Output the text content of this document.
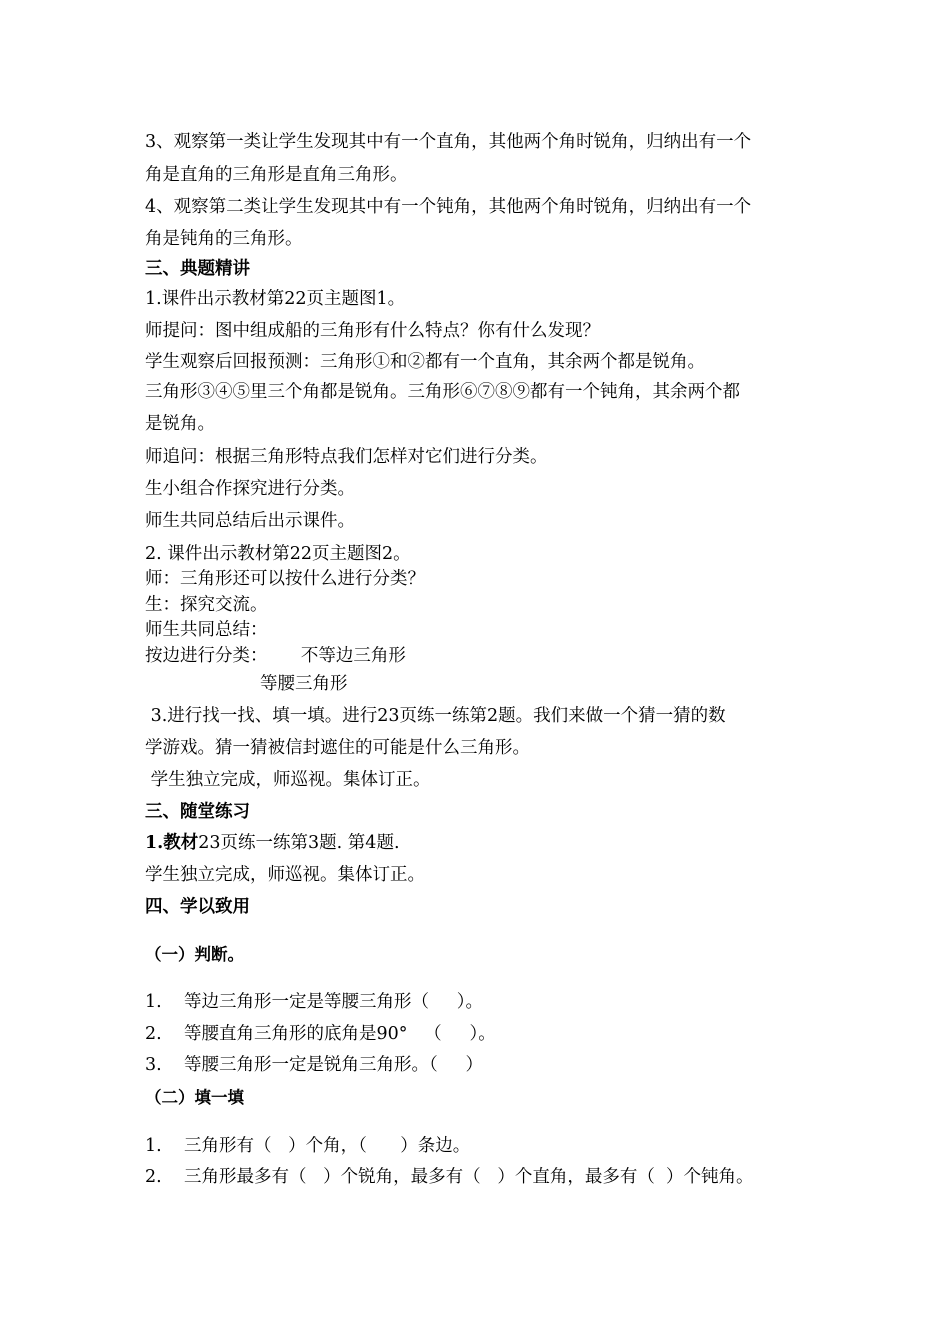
3、观察第一类让学生发现其中有一个直角，其他两个角时锐角，归纳出有一个
角是直角的三角形是直角三角形。
4、观察第二类让学生发现其中有一个钝角，其他两个角时锐角，归纳出有一个
角是钝角的三角形。
三、典题精讲
1.课件出示教材第22页主题图1。
师提问：图中组成船的三角形有什么特点？你有什么发现？
学生观察后回报预测：三角形①和②都有一个直角，其余两个都是锐角。
三角形③④⑤里三个角都是锐角。三角形⑥⑦⑧⑨都有一个钝角，其余两个都
是锐角。
师追问：根据三角形特点我们怎样对它们进行分类。
生小组合作探究进行分类。
师生共同总结后出示课件。
2. 课件出示教材第22页主题图2。
师：三角形还可以按什么进行分类？
生：探究交流。
师生共同总结：
按边进行分类：      不等边三角形
等腰三角形
3.进行找一找、填一填。进行23页练一练第2题。我们来做一个猜一猜的数
学游戏。猜一猜被信封遮住的可能是什么三角形。
学生独立完成，师巡视。集体订正。
三、随堂练习
1.教材23页练一练第3题. 第4题.
学生独立完成，师巡视。集体订正。
四、学以致用
（一）判断。
1.    等边三角形一定是等腰三角形（     ）。
2.    等腰直角三角形的底角是90°   （     ）。
3.    等腰三角形一定是锐角三角形。（     ）
（二）填一填
1.    三角形有（   ）个角，（      ）条边。
2.    三角形最多有（   ）个锐角，最多有（   ）个直角，最多有（  ）个钝角。
